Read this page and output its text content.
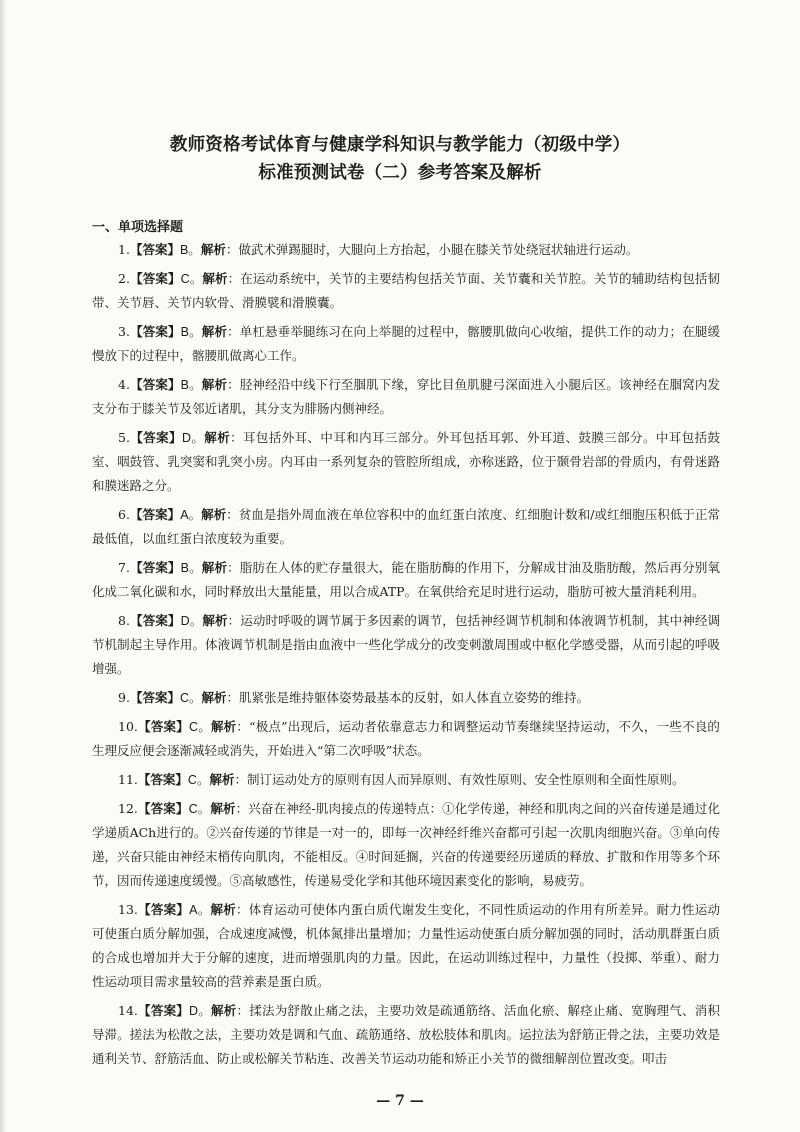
教师资格考试体育与健康学科知识与教学能力（初级中学）
标准预测试卷（二）参考答案及解析
一、单项选择题

1.【答案】B。解析：做武术弹踢腿时，大腿向上方抬起，小腿在膝关节处绕冠状轴进行运动。

2.【答案】C。解析：在运动系统中，关节的主要结构包括关节面、关节囊和关节腔。关节的辅助结构包括韧带、关节唇、关节内软骨、滑膜襞和滑膜囊。

3.【答案】B。解析：单杠悬垂举腿练习在向上举腿的过程中，髂腰肌做向心收缩，提供工作的动力；在腿缓慢放下的过程中，髂腰肌做离心工作。

4.【答案】B。解析：胫神经沿中线下行至腘肌下缘，穿比目鱼肌腱弓深面进入小腿后区。该神经在腘窝内发支分布于膝关节及邻近诸肌，其分支为腓肠内侧神经。

5.【答案】D。解析：耳包括外耳、中耳和内耳三部分。外耳包括耳郭、外耳道、鼓膜三部分。中耳包括鼓室、咽鼓管、乳突窦和乳突小房。内耳由一系列复杂的管腔所组成，亦称迷路，位于颞骨岩部的骨质内，有骨迷路和膜迷路之分。

6.【答案】A。解析：贫血是指外周血液在单位容积中的血红蛋白浓度、红细胞计数和/或红细胞压积低于正常最低值，以血红蛋白浓度较为重要。

7.【答案】B。解析：脂肪在人体的贮存量很大，能在脂肪酶的作用下，分解成甘油及脂肪酸，然后再分别氧化成二氧化碳和水，同时释放出大量能量，用以合成ATP。在氧供给充足时进行运动，脂肪可被大量消耗利用。

8.【答案】D。解析：运动时呼吸的调节属于多因素的调节，包括神经调节机制和体液调节机制，其中神经调节机制起主导作用。体液调节机制是指由血液中一些化学成分的改变刺激周围或中枢化学感受器，从而引起的呼吸增强。

9.【答案】C。解析：肌紧张是维持躯体姿势最基本的反射，如人体直立姿势的维持。

10.【答案】C。解析：“极点”出现后，运动者依靠意志力和调整运动节奏继续坚持运动，不久，一些不良的生理反应便会逐渐减轻或消失，开始进入“第二次呼吸”状态。

11.【答案】C。解析：制订运动处方的原则有因人而异原则、有效性原则、安全性原则和全面性原则。

12.【答案】C。解析：兴奋在神经-肌肉接点的传递特点：①化学传递，神经和肌肉之间的兴奋传递是通过化学递质ACh进行的。②兴奋传递的节律是一对一的，即每一次神经纤维兴奋都可引起一次肌肉细胞兴奋。③单向传递，兴奋只能由神经末梢传向肌肉，不能相反。④时间延搁，兴奋的传递要经历递质的释放、扩散和作用等多个环节，因而传递速度缓慢。⑤高敏感性，传递易受化学和其他环境因素变化的影响，易疲劳。

13.【答案】A。解析：体育运动可使体内蛋白质代谢发生变化，不同性质运动的作用有所差异。耐力性运动可使蛋白质分解加强，合成速度减慢，机体氮排出量增加；力量性运动使蛋白质分解加强的同时，活动肌群蛋白质的合成也增加并大于分解的速度，进而增强肌肉的力量。因此，在运动训练过程中，力量性（投掷、举重）、耐力性运动项目需求量较高的营养素是蛋白质。

14.【答案】D。解析：揉法为舒散止痛之法，主要功效是疏通筋络、活血化瘀、解痉止痛、宽胸理气、消积导滞。搓法为松散之法，主要功效是调和气血、疏筋通络、放松肢体和肌肉。运拉法为舒筋正骨之法，主要功效是通利关节、舒筋活血、防止或松解关节粘连、改善关节运动功能和矫正小关节的微细解剖位置改变。叩击

— 7 —
